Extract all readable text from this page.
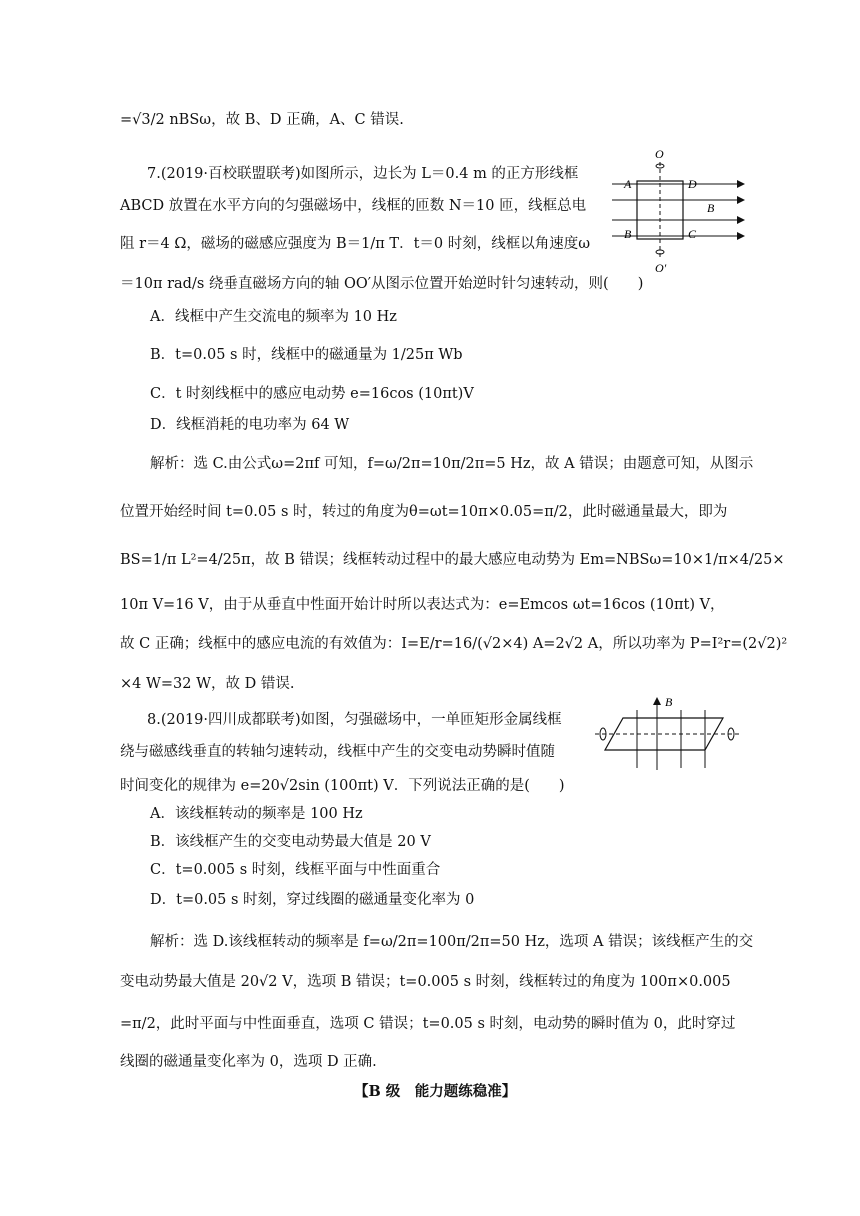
=√3/2 nBSω，故 B、D 正确，A、C 错误.
7.(2019·百校联盟联考)如图所示，边长为 L＝0.4 m 的正方形线框
ABCD 放置在水平方向的匀强磁场中，线框的匝数 N＝10 匝，线框总电
阻 r＝4 Ω，磁场的磁感应强度为 B＝1/π T．t＝0 时刻，线框以角速度ω
＝10π rad/s 绕垂直磁场方向的轴 OO′从图示位置开始逆时针匀速转动，则(　　)
A．线框中产生交流电的频率为 10 Hz
B．t=0.05 s 时，线框中的磁通量为 1/25π Wb
C．t 时刻线框中的感应电动势 e=16cos (10πt)V
D．线框消耗的电功率为 64 W
解析：选 C.由公式ω=2πf 可知，f=ω/2π=10π/2π=5 Hz，故 A 错误；由题意可知，从图示
位置开始经时间 t=0.05 s 时，转过的角度为θ=ωt=10π×0.05=π/2，此时磁通量最大，即为
BS=1/π L²=4/25π，故 B 错误；线框转动过程中的最大感应电动势为 Em=NBSω=10×1/π×4/25×
10π V=16 V，由于从垂直中性面开始计时所以表达式为：e=Emcos ωt=16cos (10πt) V，
故 C 正确；线框中的感应电流的有效值为：I=E/r=16/(√2×4) A=2√2 A，所以功率为 P=I²r=(2√2)²
×4 W=32 W，故 D 错误.
O
A	D
B
B	C
O′
8.(2019·四川成都联考)如图，匀强磁场中，一单匝矩形金属线框
绕与磁感线垂直的转轴匀速转动，线框中产生的交变电动势瞬时值随
时间变化的规律为 e=20√2sin (100πt) V．下列说法正确的是(　　)
A．该线框转动的频率是 100 Hz
B．该线框产生的交变电动势最大值是 20 V
C．t=0.005 s 时刻，线框平面与中性面重合
D．t=0.05 s 时刻，穿过线圈的磁通量变化率为 0
解析：选 D.该线框转动的频率是 f=ω/2π=100π/2π=50 Hz，选项 A 错误；该线框产生的交
变电动势最大值是 20√2 V，选项 B 错误；t=0.005 s 时刻，线框转过的角度为 100π×0.005
=π/2，此时平面与中性面垂直，选项 C 错误；t=0.05 s 时刻，电动势的瞬时值为 0，此时穿过
线圈的磁通量变化率为 0，选项 D 正确.
B
【B 级　能力题练稳准】
